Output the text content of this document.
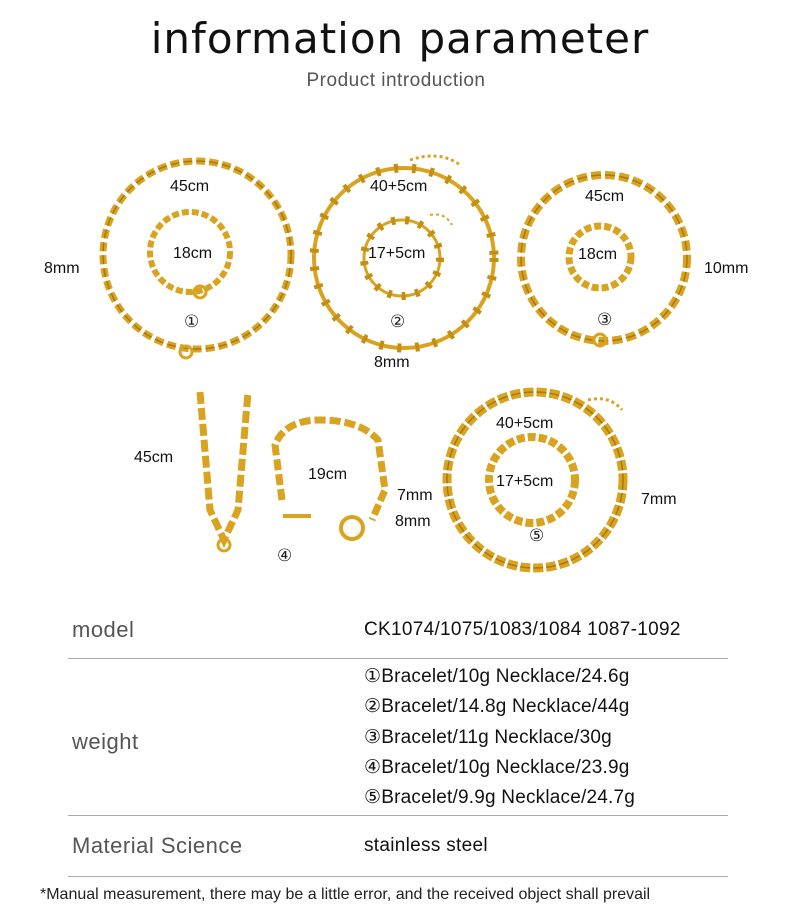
information parameter
Product introduction
45cm
18cm
8mm
①
40+5cm
17+5cm
②
8mm
45cm
18cm
10mm
③
45cm
19cm
7mm
8mm
④
40+5cm
17+5cm
7mm
⑤
model	CK1074/1075/1083/1084 1087-1092
weight
①Bracelet/10g Necklace/24.6g
②Bracelet/14.8g Necklace/44g
③Bracelet/11g Necklace/30g
④Bracelet/10g Necklace/23.9g
⑤Bracelet/9.9g Necklace/24.7g
Material Science	stainless steel
*Manual measurement, there may be a little error, and the received object shall prevail
